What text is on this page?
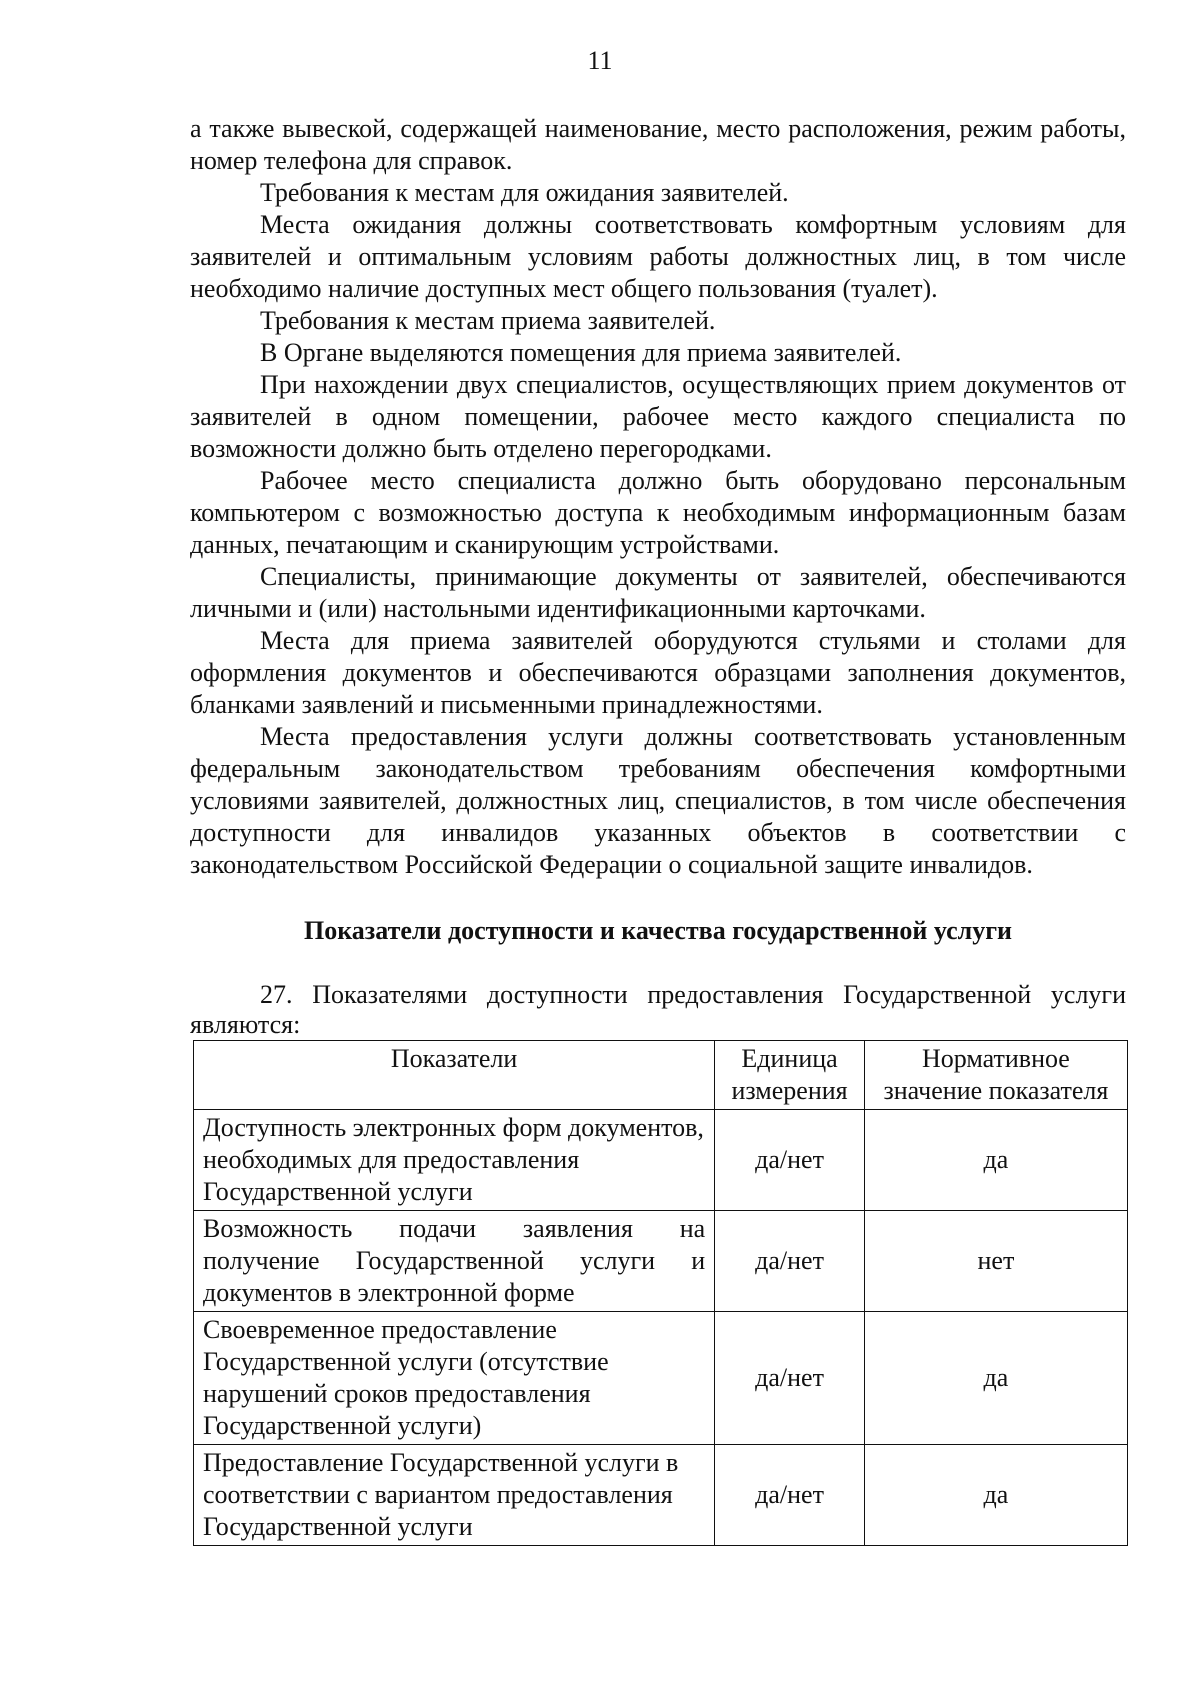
11

а также вывеской, содержащей наименование, место расположения, режим работы, номер телефона для справок.

Требования к местам для ожидания заявителей.

Места ожидания должны соответствовать комфортным условиям для заявителей и оптимальным условиям работы должностных лиц, в том числе необходимо наличие доступных мест общего пользования (туалет).

Требования к местам приема заявителей.

В Органе выделяются помещения для приема заявителей.

При нахождении двух специалистов, осуществляющих прием документов от заявителей в одном помещении, рабочее место каждого специалиста по возможности должно быть отделено перегородками.

Рабочее место специалиста должно быть оборудовано персональным компьютером с возможностью доступа к необходимым информационным базам данных, печатающим и сканирующим устройствами.

Специалисты, принимающие документы от заявителей, обеспечиваются личными и (или) настольными идентификационными карточками.

Места для приема заявителей оборудуются стульями и столами для оформления документов и обеспечиваются образцами заполнения документов, бланками заявлений и письменными принадлежностями.

Места предоставления услуги должны соответствовать установленным федеральным законодательством требованиям обеспечения комфортными условиями заявителей, должностных лиц, специалистов, в том числе обеспечения доступности для инвалидов указанных объектов в соответствии с законодательством Российской Федерации о социальной защите инвалидов.

Показатели доступности и качества государственной услуги

27. Показателями доступности предоставления Государственной услуги являются:

Показатели	Единица измерения	Нормативное значение показателя
Доступность электронных форм документов, необходимых для предоставления Государственной услуги	да/нет	да
Возможность подачи заявления на получение Государственной услуги и документов в электронной форме	да/нет	нет
Своевременное предоставление Государственной услуги (отсутствие нарушений сроков предоставления Государственной услуги)	да/нет	да
Предоставление Государственной услуги в соответствии с вариантом предоставления Государственной услуги	да/нет	да
